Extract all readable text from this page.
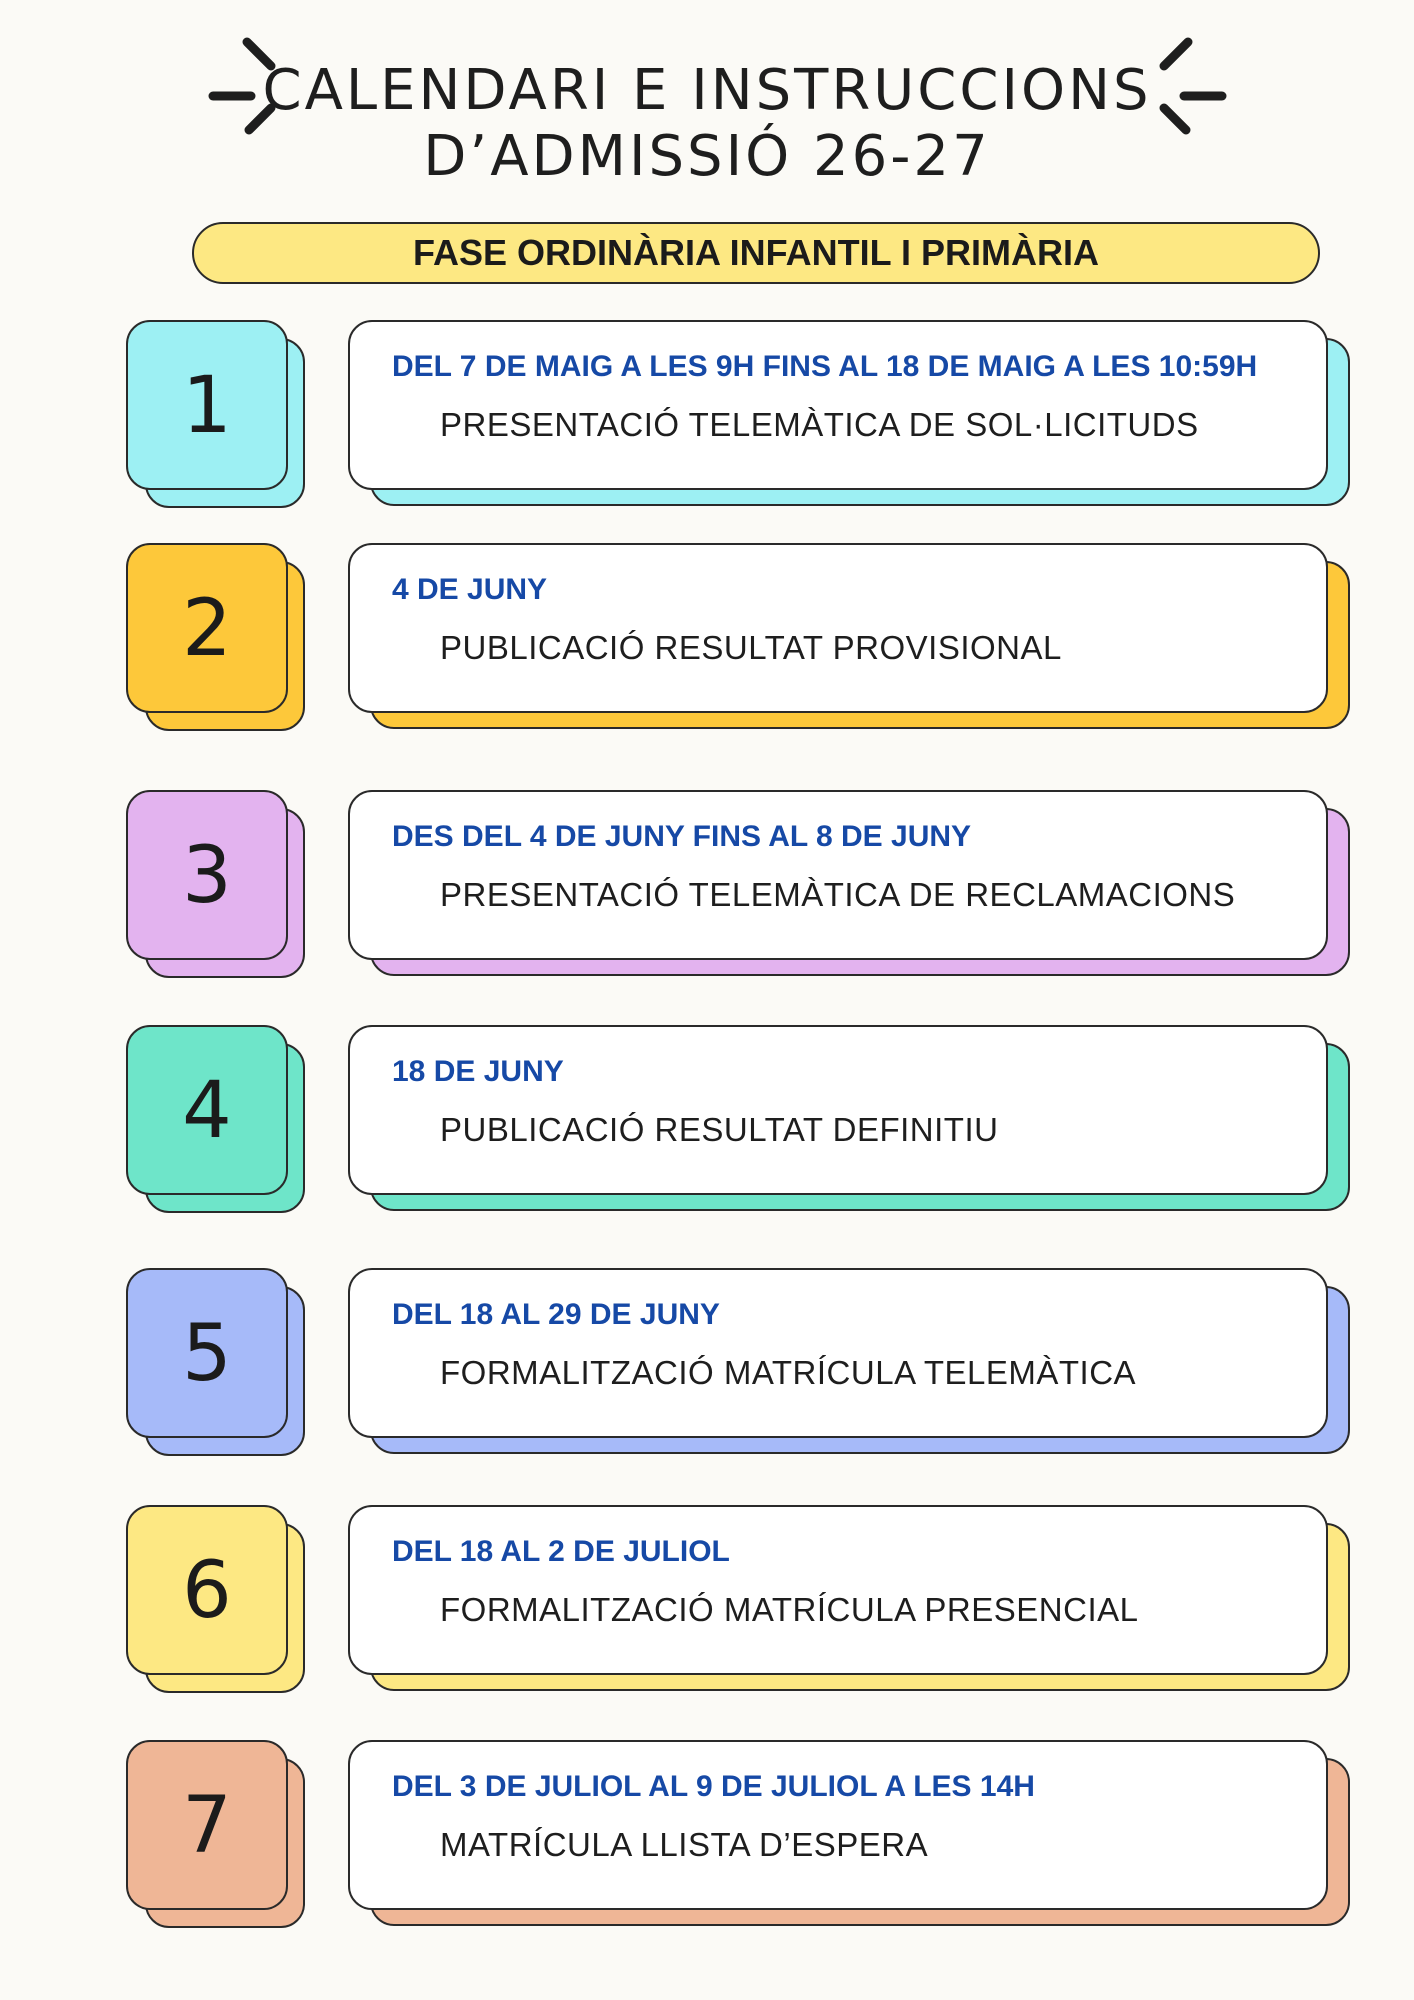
CALENDARI E INSTRUCCIONS
D’ADMISSIÓ 26-27
FASE ORDINÀRIA INFANTIL I PRIMÀRIA
1	DEL 7 DE MAIG A LES 9H FINS AL 18 DE MAIG A LES 10:59H
PRESENTACIÓ TELEMÀTICA DE SOL·LICITUDS
2	4 DE JUNY
PUBLICACIÓ RESULTAT PROVISIONAL
3	DES DEL 4 DE JUNY FINS AL 8 DE JUNY
PRESENTACIÓ TELEMÀTICA DE RECLAMACIONS
4	18 DE JUNY
PUBLICACIÓ RESULTAT DEFINITIU
5	DEL 18 AL 29 DE JUNY
FORMALITZACIÓ MATRÍCULA TELEMÀTICA
6	DEL 18 AL 2 DE JULIOL
FORMALITZACIÓ MATRÍCULA PRESENCIAL
7	DEL 3 DE JULIOL AL 9 DE JULIOL A LES 14H
MATRÍCULA LLISTA D’ESPERA
